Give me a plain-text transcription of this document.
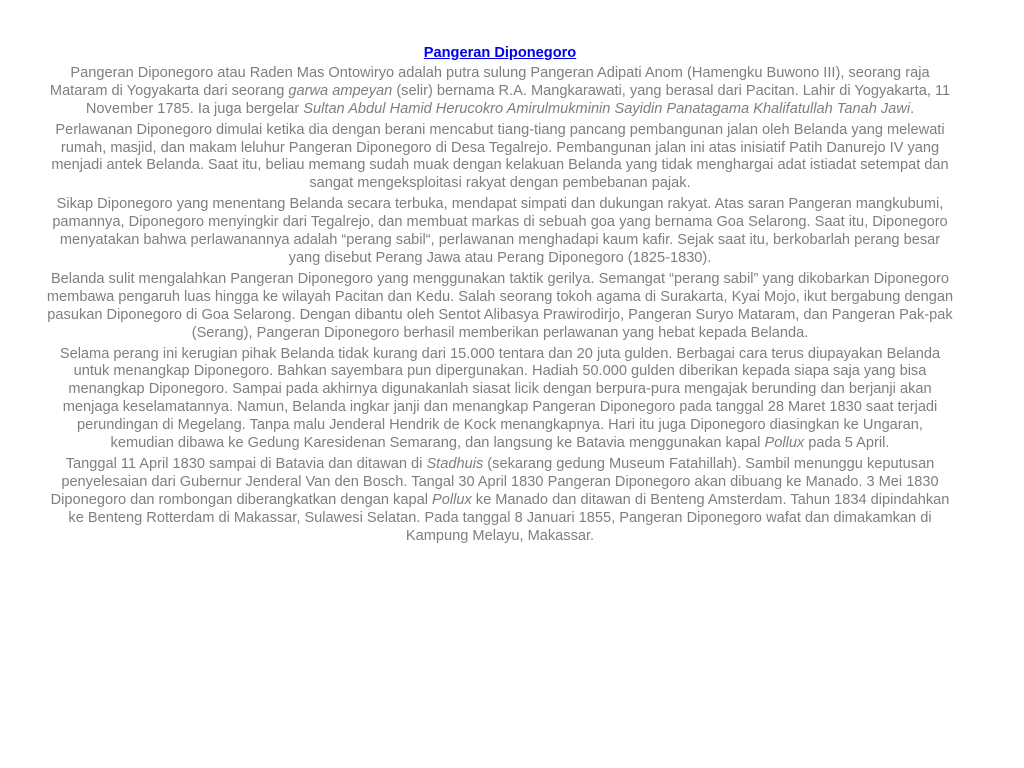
Pangeran Diponegoro

Pangeran Diponegoro atau Raden Mas Ontowiryo adalah putra sulung Pangeran Adipati Anom (Hamengku Buwono III), seorang raja Mataram di Yogyakarta dari seorang garwa ampeyan (selir) bernama R.A. Mangkarawati, yang berasal dari Pacitan. Lahir di Yogyakarta, 11 November 1785. Ia juga bergelar Sultan Abdul Hamid Herucokro Amirulmukminin Sayidin Panatagama Khalifatullah Tanah Jawi.

Perlawanan Diponegoro dimulai ketika dia dengan berani mencabut tiang-tiang pancang pembangunan jalan oleh Belanda yang melewati rumah, masjid, dan makam leluhur Pangeran Diponegoro di Desa Tegalrejo. Pembangunan jalan ini atas inisiatif Patih Danurejo IV yang menjadi antek Belanda. Saat itu, beliau memang sudah muak dengan kelakuan Belanda yang tidak menghargai adat istiadat setempat dan sangat mengeksploitasi rakyat dengan pembebanan pajak.

Sikap Diponegoro yang menentang Belanda secara terbuka, mendapat simpati dan dukungan rakyat. Atas saran Pangeran mangkubumi, pamannya, Diponegoro menyingkir dari Tegalrejo, dan membuat markas di sebuah goa yang bernama Goa Selarong. Saat itu, Diponegoro menyatakan bahwa perlawanannya adalah “perang sabil“, perlawanan menghadapi kaum kafir. Sejak saat itu, berkobarlah perang besar yang disebut Perang Jawa atau Perang Diponegoro (1825-1830).

Belanda sulit mengalahkan Pangeran Diponegoro yang menggunakan taktik gerilya. Semangat “perang sabil” yang dikobarkan Diponegoro membawa pengaruh luas hingga ke wilayah Pacitan dan Kedu. Salah seorang tokoh agama di Surakarta, Kyai Mojo, ikut bergabung dengan pasukan Diponegoro di Goa Selarong. Dengan dibantu oleh Sentot Alibasya Prawirodirjo, Pangeran Suryo Mataram, dan Pangeran Pak-pak (Serang), Pangeran Diponegoro berhasil memberikan perlawanan yang hebat kepada Belanda.

Selama perang ini kerugian pihak Belanda tidak kurang dari 15.000 tentara dan 20 juta gulden. Berbagai cara terus diupayakan Belanda untuk menangkap Diponegoro. Bahkan sayembara pun dipergunakan. Hadiah 50.000 gulden diberikan kepada siapa saja yang bisa menangkap Diponegoro. Sampai pada akhirnya digunakanlah siasat licik dengan berpura-pura mengajak berunding dan berjanji akan menjaga keselamatannya. Namun, Belanda ingkar janji dan menangkap Pangeran Diponegoro pada tanggal 28 Maret 1830 saat terjadi perundingan di Megelang. Tanpa malu Jenderal Hendrik de Kock menangkapnya. Hari itu juga Diponegoro diasingkan ke Ungaran, kemudian dibawa ke Gedung Karesidenan Semarang, dan langsung ke Batavia menggunakan kapal Pollux pada 5 April.

Tanggal 11 April 1830 sampai di Batavia dan ditawan di Stadhuis (sekarang gedung Museum Fatahillah). Sambil menunggu keputusan penyelesaian dari Gubernur Jenderal Van den Bosch. Tangal 30 April 1830 Pangeran Diponegoro akan dibuang ke Manado. 3 Mei 1830 Diponegoro dan rombongan diberangkatkan dengan kapal Pollux ke Manado dan ditawan di Benteng Amsterdam. Tahun 1834 dipindahkan ke Benteng Rotterdam di Makassar, Sulawesi Selatan. Pada tanggal 8 Januari 1855, Pangeran Diponegoro wafat dan dimakamkan di Kampung Melayu, Makassar.
